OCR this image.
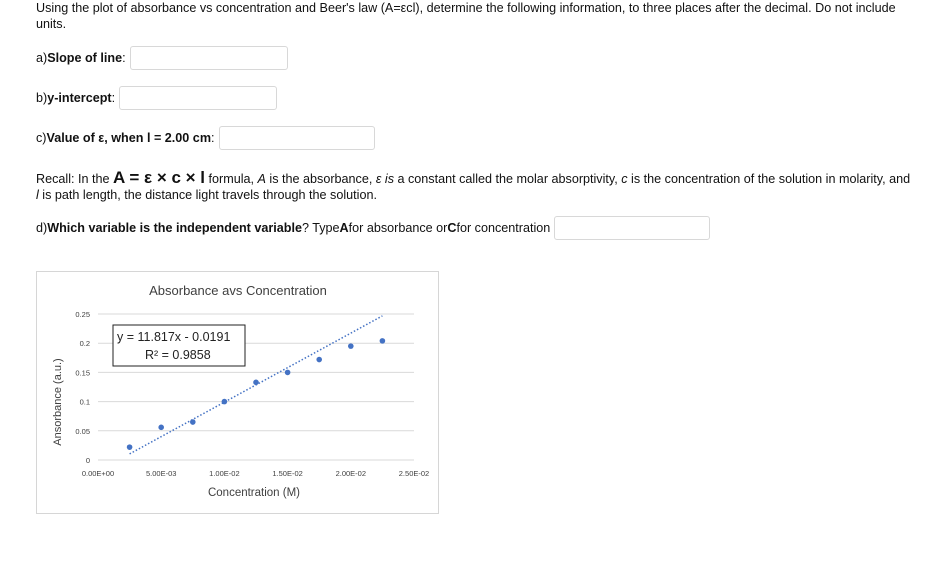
Using the plot of absorbance vs concentration and Beer's law (A=εcl), determine the following information, to three places after the decimal. Do not include units.
a) Slope of line :
b) y-intercept :
c) Value of ε, when l = 2.00 cm :
Recall: In the A = ε × c × l formula, A is the absorbance, ε is a constant called the molar absorptivity, c is the concentration of the solution in molarity, and l is path length, the distance light travels through the solution.
d) Which variable is the independent variable ? Type A for absorbance or C for concentration
Absorbance avs Concentration
0
0.05
0.1
0.15
0.2
0.25
0.00E+00	5.00E-03	1.00E-02	1.50E-02	2.00E-02	2.50E-02
y = 11.817x - 0.0191
R² = 0.9858
Concentration (M)
Ansorbance (a.u.)
